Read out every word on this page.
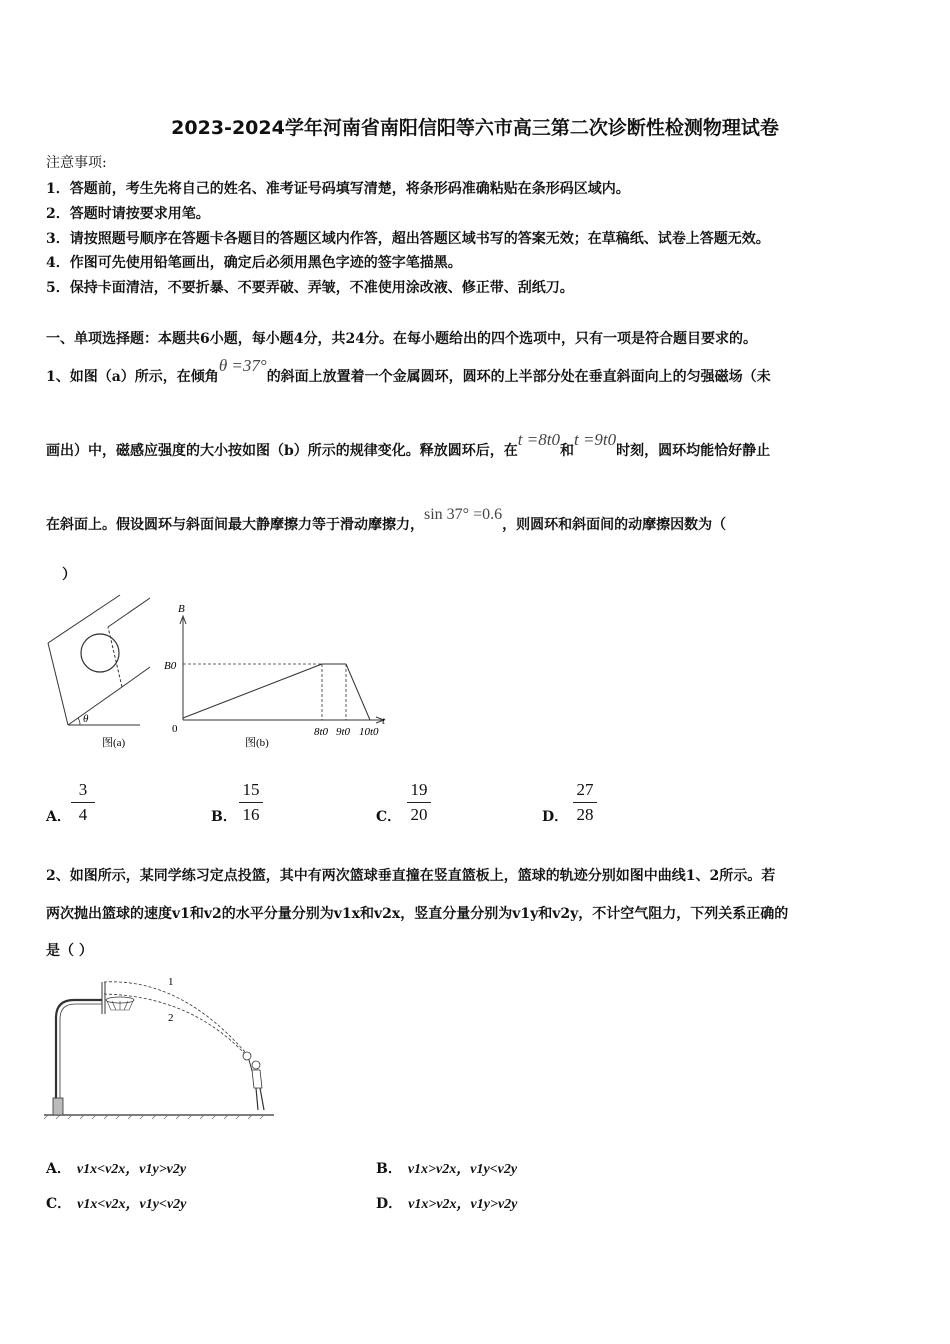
2023-2024学年河南省南阳信阳等六市高三第二次诊断性检测物理试卷
注意事项:
1．答题前，考生先将自己的姓名、准考证号码填写清楚，将条形码准确粘贴在条形码区域内。
2．答题时请按要求用笔。
3．请按照题号顺序在答题卡各题目的答题区域内作答，超出答题区域书写的答案无效；在草稿纸、试卷上答题无效。
4．作图可先使用铅笔画出，确定后必须用黑色字迹的签字笔描黑。
5．保持卡面清洁，不要折暴、不要弄破、弄皱，不准使用涂改液、修正带、刮纸刀。
一、单项选择题：本题共6小题，每小题4分，共24分。在每小题给出的四个选项中，只有一项是符合题目要求的。
1、如图（a）所示，在倾角θ =37°的斜面上放置着一个金属圆环，圆环的上半部分处在垂直斜面向上的匀强磁场（未
画出）中，磁感应强度的大小按如图（b）所示的规律变化。释放圆环后，在t =8t0和t =9t0时刻，圆环均能恰好静止
在斜面上。假设圆环与斜面间最大静摩擦力等于滑动摩擦力，sin 37° =0.6，则圆环和斜面间的动摩擦因数为（
）
θ
图(a)
B
t
B0
0	8t0 9t0 10t0
图(b)
A．
3
4	B．
15
16	C．
19
20	D．
27
28
2、如图所示，某同学练习定点投篮，其中有两次篮球垂直撞在竖直篮板上，篮球的轨迹分别如图中曲线1、2所示。若
两次抛出篮球的速度v1和v2的水平分量分别为v1x和v2x，竖直分量分别为v1y和v2y，不计空气阻力，下列关系正确的
是（ ）
1
2
A． v1x<v2x，v1y>v2y	B． v1x>v2x，v1y<v2y
C． v1x<v2x，v1y<v2y	D． v1x>v2x，v1y>v2y
